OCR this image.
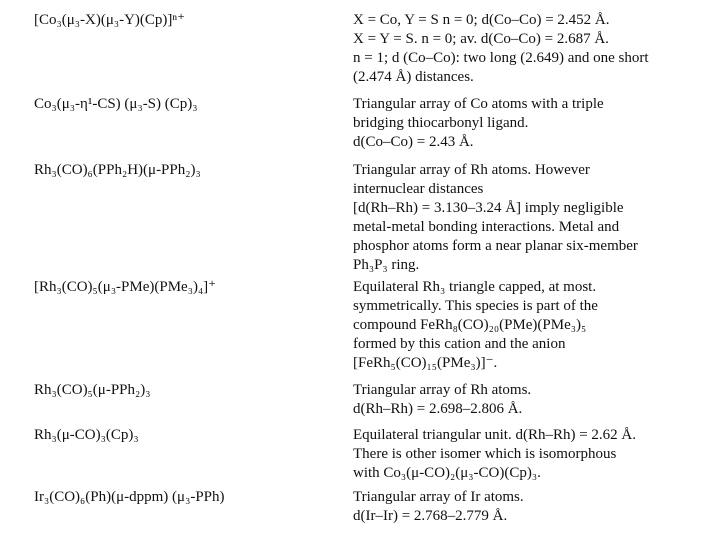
[Co₃(μ₃-X)(μ₃-Y)(Cp)]ⁿ⁺	X = Co, Y = S n = 0; d(Co–Co) = 2.452 Å.
X = Y = S. n = 0; av. d(Co–Co) = 2.687 Å.
n = 1; d (Co–Co): two long (2.649) and one short
(2.474 Å) distances.
Co₃(μ₃-η¹-CS) (μ₃-S) (Cp)₃	Triangular array of Co atoms with a triple
bridging thiocarbonyl ligand.
d(Co–Co) = 2.43 Å.
Rh₃(CO)₆(PPh₂H)(μ-PPh₂)₃	Triangular array of Rh atoms. However
internuclear distances
[d(Rh–Rh) = 3.130–3.24 Å] imply negligible
metal-metal bonding interactions. Metal and
phosphor atoms form a near planar six-member
Ph₃P₃ ring.
[Rh₃(CO)₅(μ₃-PMe)(PMe₃)₄]⁺	Equilateral Rh₃ triangle capped, at most.
symmetrically. This species is part of the
compound FeRh₈(CO)₂₀(PMe)(PMe₃)₅
formed by this cation and the anion
[FeRh₅(CO)₁₅(PMe₃)]⁻.
Rh₃(CO)₅(μ-PPh₂)₃	Triangular array of Rh atoms.
d(Rh–Rh) = 2.698–2.806 Å.
Rh₃(μ-CO)₃(Cp)₃	Equilateral triangular unit. d(Rh–Rh) = 2.62 Å.
There is other isomer which is isomorphous
with Co₃(μ-CO)₂(μ₃-CO)(Cp)₃.
Ir₃(CO)₆(Ph)(μ-dppm) (μ₃-PPh)	Triangular array of Ir atoms.
d(Ir–Ir) = 2.768–2.779 Å.
